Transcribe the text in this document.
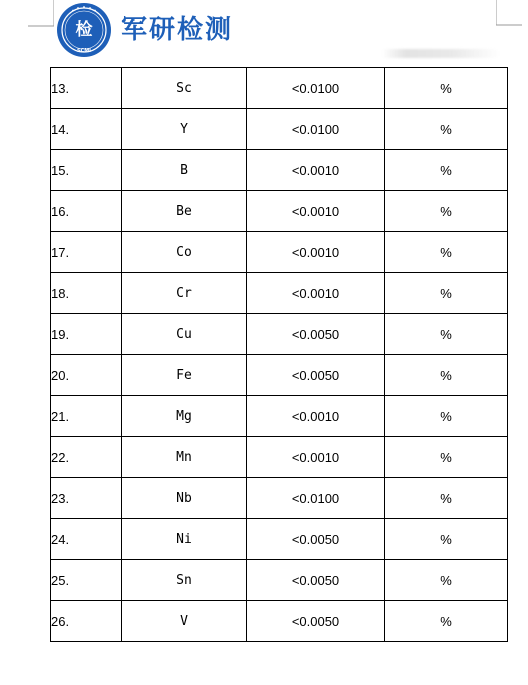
检
SCMI
军研检测
13.	Sc	<0.0100	%
14.	Y	<0.0100	%
15.	B	<0.0010	%
16.	Be	<0.0010	%
17.	Co	<0.0010	%
18.	Cr	<0.0010	%
19.	Cu	<0.0050	%
20.	Fe	<0.0050	%
21.	Mg	<0.0010	%
22.	Mn	<0.0010	%
23.	Nb	<0.0100	%
24.	Ni	<0.0050	%
25.	Sn	<0.0050	%
26.	V	<0.0050	%
